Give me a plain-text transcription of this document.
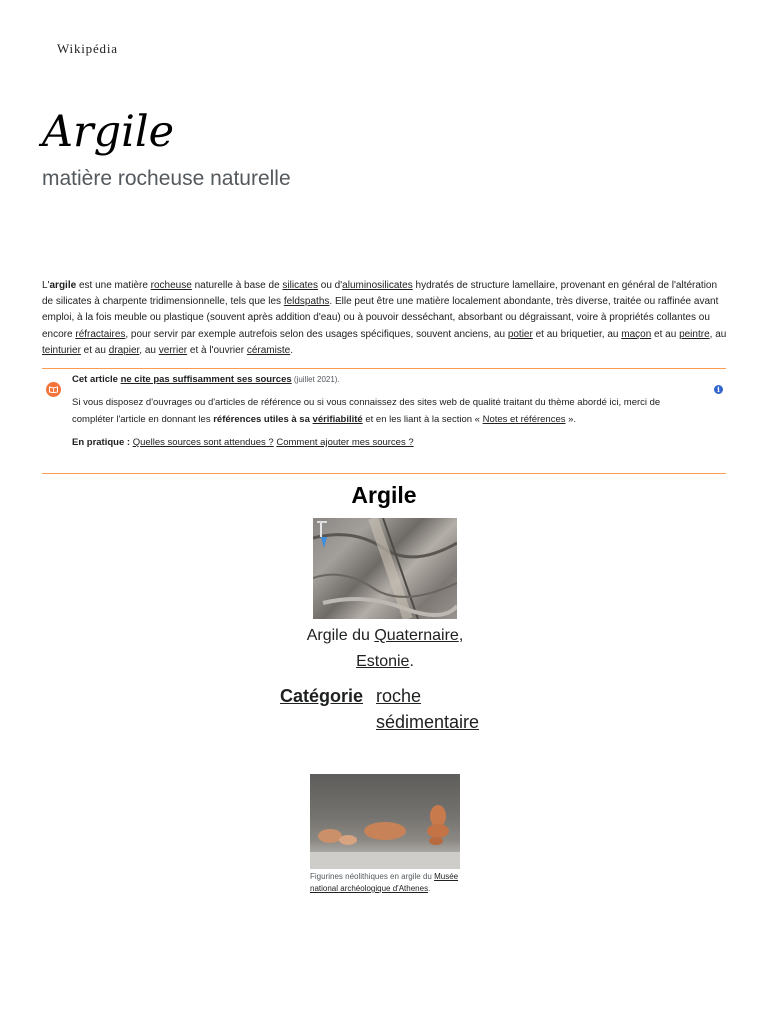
Wikipédia
Argile
matière rocheuse naturelle

L'argile est une matière rocheuse naturelle à base de silicates ou d'aluminosilicates hydratés de structure lamellaire, provenant en général de l'altération de silicates à charpente tridimensionnelle, tels que les feldspaths. Elle peut être une matière localement abondante, très diverse, traitée ou raffinée avant emploi, à la fois meuble ou plastique (souvent après addition d'eau) ou à pouvoir desséchant, absorbant ou dégraissant, voire à propriétés collantes ou encore réfractaires, pour servir par exemple autrefois selon des usages spécifiques, souvent anciens, au potier et au briquetier, au maçon et au peintre, au teinturier et au drapier, au verrier et à l'ouvrier céramiste.

i

Cet article ne cite pas suffisamment ses sources (juillet 2021).

Si vous disposez d'ouvrages ou d'articles de référence ou si vous connaissez des sites web de qualité traitant du thème abordé ici, merci de compléter l'article en donnant les références utiles à sa vérifiabilité et en les liant à la section « Notes et références ».

En pratique : Quelles sources sont attendues ? Comment ajouter mes sources ?

Argile
Argile du Quaternaire,
Estonie.
Catégorie roche sédimentaire
Figurines néolithiques en argile du Musée national archéologique d'Athenes.
